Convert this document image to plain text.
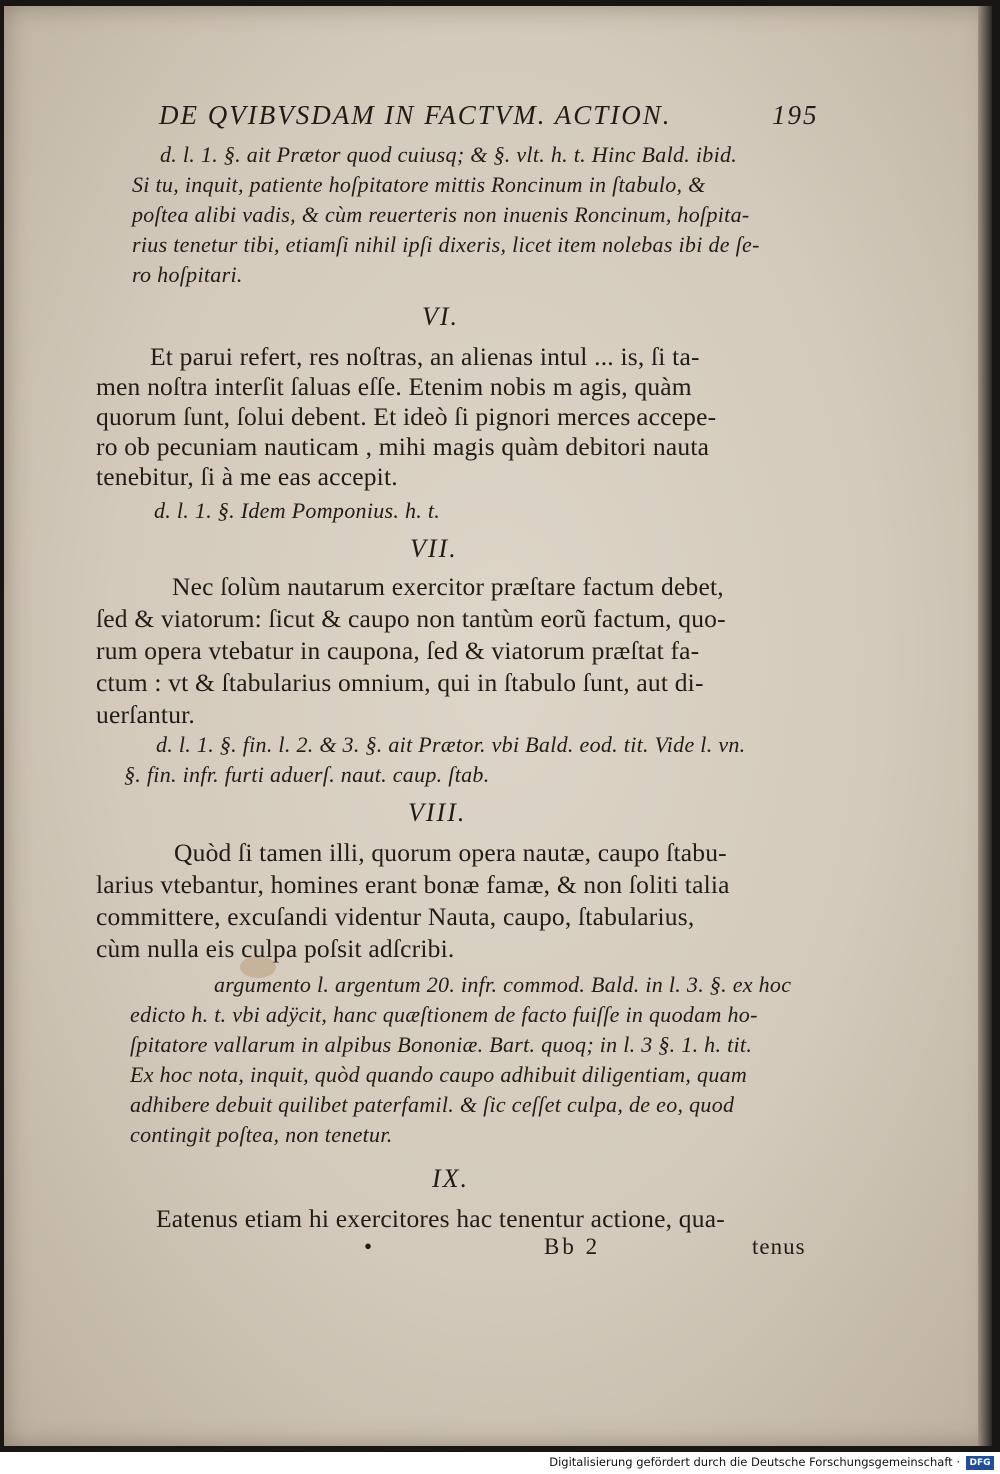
DE QVIBVSDAM IN FACTVM. ACTION.	195

d. l. 1. §. ait Prætor quod cuiusq; & §. vlt. h. t. Hinc Bald. ibid.

Si tu, inquit, patiente hoſpitatore mittis Roncinum in ſtabulo, &

poſtea alibi vadis, & cùm reuerteris non inuenis Roncinum, hoſpita-

rius tenetur tibi, etiamſi nihil ipſi dixeris, licet item nolebas ibi de ſe-

ro hoſpitari.

VI.

Et parui refert, res noſtras, an alienas intul ... is, ſi ta-

men noſtra interſit ſaluas eſſe. Etenim nobis m agis, quàm

quorum ſunt, ſolui debent. Et ideò ſi pignori merces accepe-

ro ob pecuniam nauticam , mihi magis quàm debitori nauta

tenebitur, ſi à me eas accepit.

d. l. 1. §. Idem Pomponius. h. t.

VII.

Nec ſolùm nautarum exercitor præſtare factum debet,

ſed & viatorum: ſicut & caupo non tantùm eorũ factum, quo-

rum opera vtebatur in caupona, ſed & viatorum præſtat fa-

ctum : vt & ſtabularius omnium, qui in ſtabulo ſunt, aut di-

uerſantur.

d. l. 1. §. fin. l. 2. & 3. §. ait Prætor. vbi Bald. eod. tit. Vide l. vn.

§. fin. infr. furti aduerſ. naut. caup. ſtab.

VIII.

Quòd ſi tamen illi, quorum opera nautæ, caupo ſtabu-

larius vtebantur, homines erant bonæ famæ, & non ſoliti talia

committere, excuſandi videntur Nauta, caupo, ſtabularius,

cùm nulla eis culpa poſsit adſcribi.

argumento l. argentum 20. infr. commod. Bald. in l. 3. §. ex hoc

edicto h. t. vbi adÿcit, hanc quæſtionem de facto fuiſſe in quodam ho-

ſpitatore vallarum in alpibus Bononiæ. Bart. quoq; in l. 3 §. 1. h. tit.

Ex hoc nota, inquit, quòd quando caupo adhibuit diligentiam, quam

adhibere debuit quilibet paterfamil. & ſic ceſſet culpa, de eo, quod

contingit poſtea, non tenetur.

IX.

Eatenus etiam hi exercitores hac tenentur actione, qua-

•	Bb 2	tenus

Digitalisierung gefördert durch die Deutsche Forschungsgemeinschaft ·	DFG
